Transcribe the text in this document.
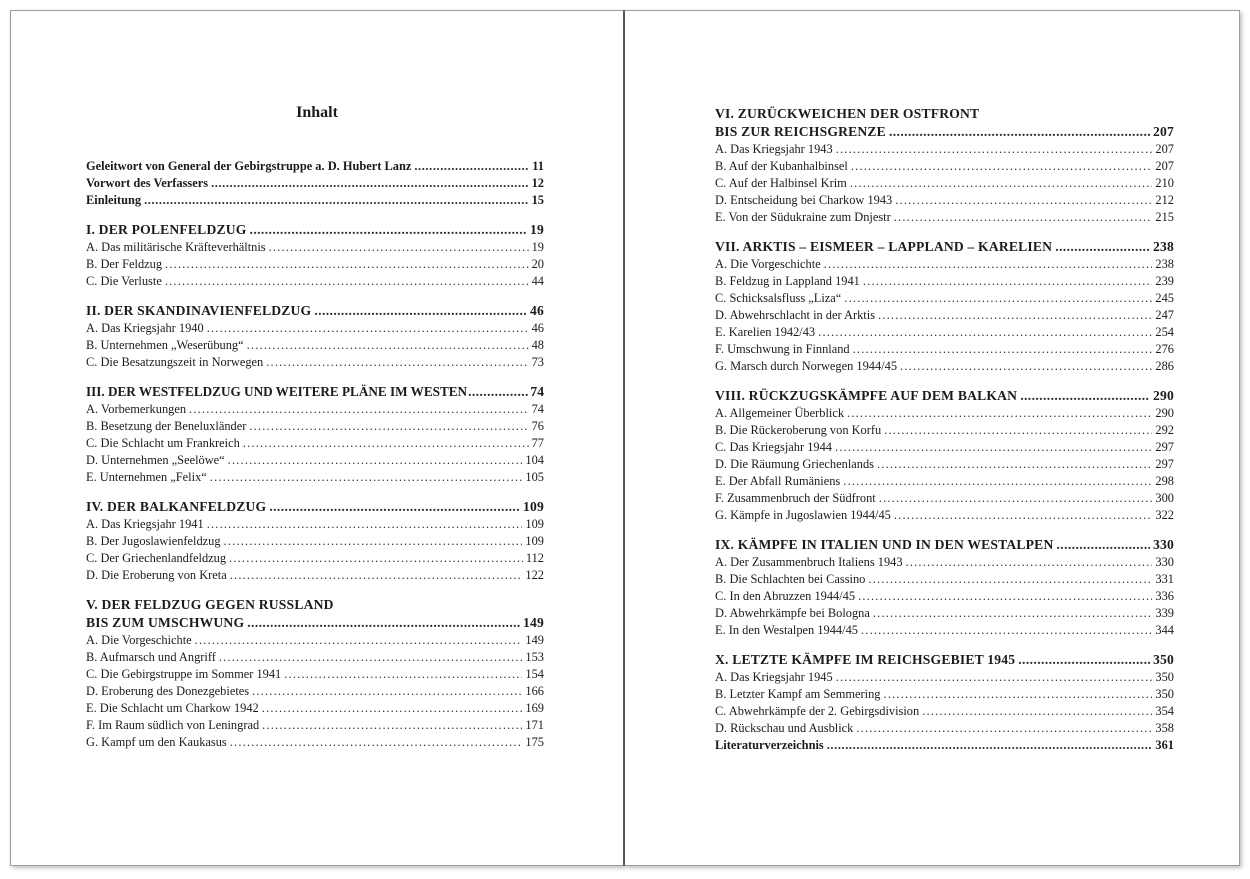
Inhalt
Geleitwort von General der Gebirgstruppe a. D. Hubert Lanz .....	11
Vorwort des Verfassers .....	12
Einleitung .....	15
I. DER POLENFELDZUG .....	19
A. Das militärische Kräfteverhältnis .....	19
B. Der Feldzug .....	20
C. Die Verluste .....	44
II. DER SKANDINAVIENFELDZUG .....	46
A. Das Kriegsjahr 1940 .....	46
B. Unternehmen „Weserübung“ .....	48
C. Die Besatzungszeit in Norwegen .....	73
III. DER WESTFELDZUG UND WEITERE PLÄNE IM WESTEN .....	74
A. Vorbemerkungen .....	74
B. Besetzung der Beneluxländer .....	76
C. Die Schlacht um Frankreich .....	77
D. Unternehmen „Seelöwe“ .....	104
E. Unternehmen „Felix“ .....	105
IV. DER BALKANFELDZUG .....	109
A. Das Kriegsjahr 1941 .....	109
B. Der Jugoslawienfeldzug .....	109
C. Der Griechenlandfeldzug .....	112
D. Die Eroberung von Kreta .....	122
V. DER FELDZUG GEGEN RUSSLAND
BIS ZUM UMSCHWUNG .....	149
A. Die Vorgeschichte .....	149
B. Aufmarsch und Angriff .....	153
C. Die Gebirgstruppe im Sommer 1941 .....	154
D. Eroberung des Donezgebietes .....	166
E. Die Schlacht um Charkow 1942 .....	169
F. Im Raum südlich von Leningrad .....	171
G. Kampf um den Kaukasus .....	175
VI. ZURÜCKWEICHEN DER OSTFRONT
BIS ZUR REICHSGRENZE .....	207
A. Das Kriegsjahr 1943 .....	207
B. Auf der Kubanhalbinsel .....	207
C. Auf der Halbinsel Krim .....	210
D. Entscheidung bei Charkow 1943 .....	212
E. Von der Südukraine zum Dnjestr .....	215
VII. ARKTIS – EISMEER – LAPPLAND – KARELIEN .....	238
A. Die Vorgeschichte .....	238
B. Feldzug in Lappland 1941 .....	239
C. Schicksalsfluss „Liza“ .....	245
D. Abwehrschlacht in der Arktis .....	247
E. Karelien 1942/43 .....	254
F. Umschwung in Finnland .....	276
G. Marsch durch Norwegen 1944/45 .....	286
VIII. RÜCKZUGSKÄMPFE AUF DEM BALKAN .....	290
A. Allgemeiner Überblick .....	290
B. Die Rückeroberung von Korfu .....	292
C. Das Kriegsjahr 1944 .....	297
D. Die Räumung Griechenlands .....	297
E. Der Abfall Rumäniens .....	298
F. Zusammenbruch der Südfront .....	300
G. Kämpfe in Jugoslawien 1944/45 .....	322
IX. KÄMPFE IN ITALIEN UND IN DEN WESTALPEN .....	330
A. Der Zusammenbruch Italiens 1943 .....	330
B. Die Schlachten bei Cassino .....	331
C. In den Abruzzen 1944/45 .....	336
D. Abwehrkämpfe bei Bologna .....	339
E. In den Westalpen 1944/45 .....	344
X. LETZTE KÄMPFE IM REICHSGEBIET 1945 .....	350
A. Das Kriegsjahr 1945 .....	350
B. Letzter Kampf am Semmering .....	350
C. Abwehrkämpfe der 2. Gebirgsdivision .....	354
D. Rückschau und Ausblick .....	358
Literaturverzeichnis .....	361
